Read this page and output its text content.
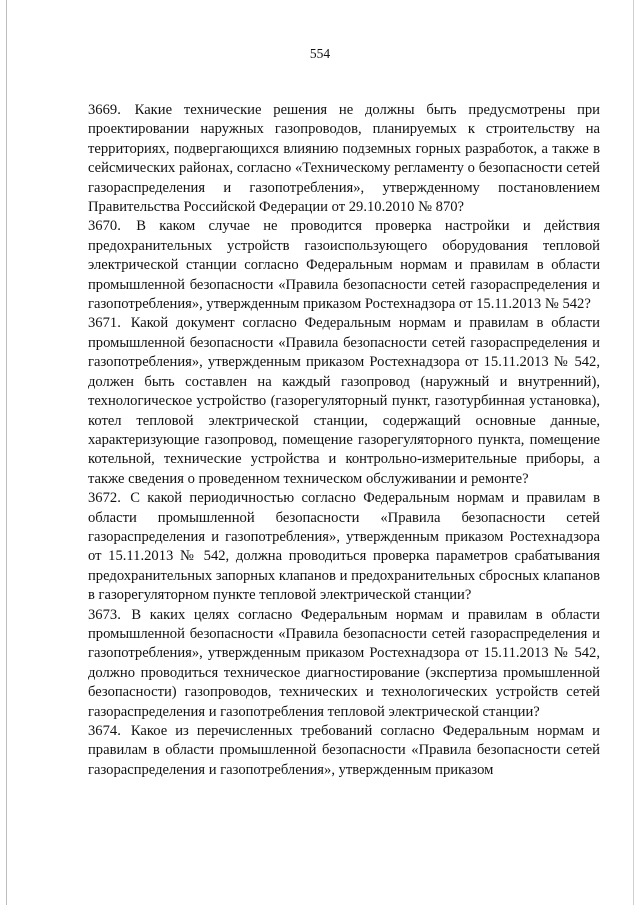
554

3669. Какие технические решения не должны быть предусмотрены при проектировании наружных газопроводов, планируемых к строительству на территориях, подвергающихся влиянию подземных горных разработок, а также в сейсмических районах, согласно «Техническому регламенту о безопасности сетей газораспределения и газопотребления», утвержденному постановлением Правительства Российской Федерации от 29.10.2010 № 870?

3670. В каком случае не проводится проверка настройки и действия предохранительных устройств газоиспользующего оборудования тепловой электрической станции согласно Федеральным нормам и правилам в области промышленной безопасности «Правила безопасности сетей газораспределения и газопотребления», утвержденным приказом Ростехнадзора от 15.11.2013 № 542?

3671. Какой документ согласно Федеральным нормам и правилам в области промышленной безопасности «Правила безопасности сетей газораспределения и газопотребления», утвержденным приказом Ростехнадзора от 15.11.2013 № 542, должен быть составлен на каждый газопровод (наружный и внутренний), технологическое устройство (газорегуляторный пункт, газотурбинная установка), котел тепловой электрической станции, содержащий основные данные, характеризующие газопровод, помещение газорегуляторного пункта, помещение котельной, технические устройства и контрольно-измерительные приборы, а также сведения о проведенном техническом обслуживании и ремонте?

3672. С какой периодичностью согласно Федеральным нормам и правилам в области промышленной безопасности «Правила безопасности сетей газораспределения и газопотребления», утвержденным приказом Ростехнадзора от 15.11.2013 № 542, должна проводиться проверка параметров срабатывания предохранительных запорных клапанов и предохранительных сбросных клапанов в газорегуляторном пункте тепловой электрической станции?

3673. В каких целях согласно Федеральным нормам и правилам в области промышленной безопасности «Правила безопасности сетей газораспределения и газопотребления», утвержденным приказом Ростехнадзора от 15.11.2013 № 542, должно проводиться техническое диагностирование (экспертиза промышленной безопасности) газопроводов, технических и технологических устройств сетей газораспределения и газопотребления тепловой электрической станции?

3674. Какое из перечисленных требований согласно Федеральным нормам и правилам в области промышленной безопасности «Правила безопасности сетей газораспределения и газопотребления», утвержденным приказом
